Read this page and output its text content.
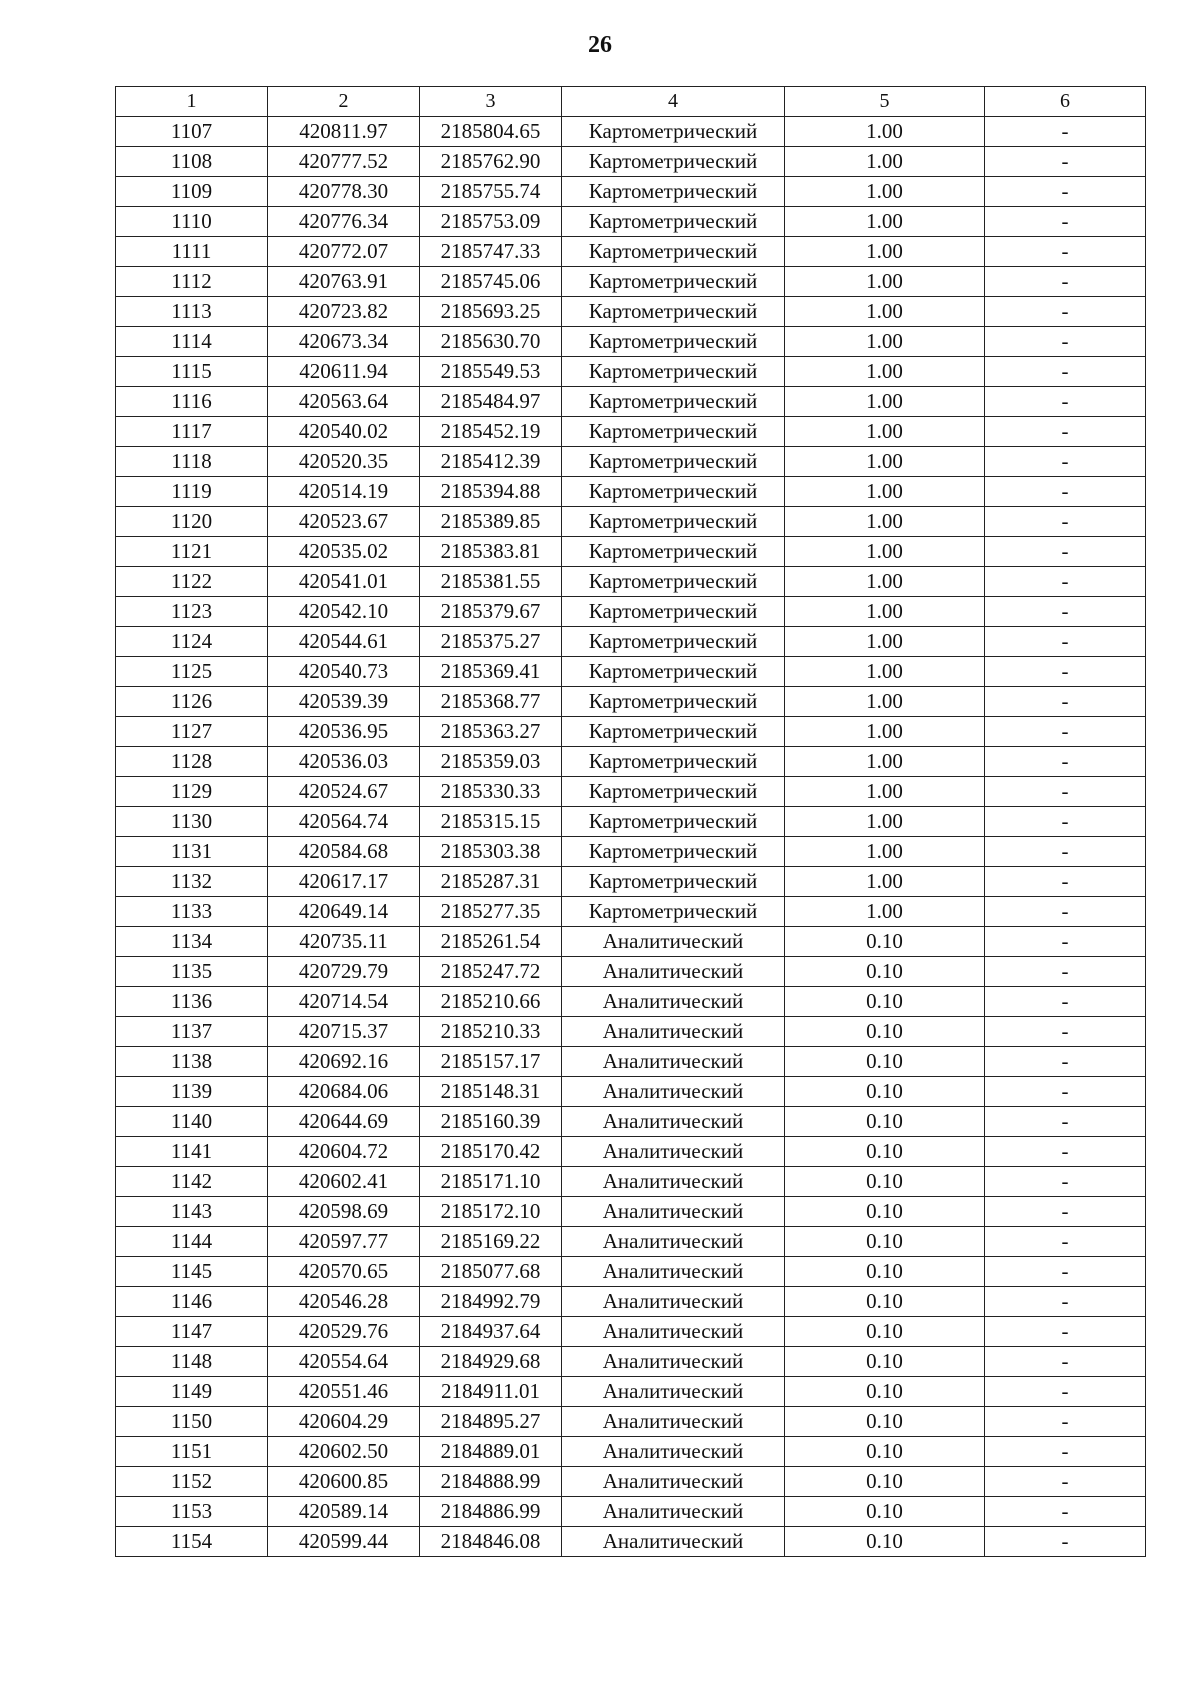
26
1	2	3	4	5	6
1107	420811.97	2185804.65	Картометрический	1.00	-
1108	420777.52	2185762.90	Картометрический	1.00	-
1109	420778.30	2185755.74	Картометрический	1.00	-
1110	420776.34	2185753.09	Картометрический	1.00	-
1111	420772.07	2185747.33	Картометрический	1.00	-
1112	420763.91	2185745.06	Картометрический	1.00	-
1113	420723.82	2185693.25	Картометрический	1.00	-
1114	420673.34	2185630.70	Картометрический	1.00	-
1115	420611.94	2185549.53	Картометрический	1.00	-
1116	420563.64	2185484.97	Картометрический	1.00	-
1117	420540.02	2185452.19	Картометрический	1.00	-
1118	420520.35	2185412.39	Картометрический	1.00	-
1119	420514.19	2185394.88	Картометрический	1.00	-
1120	420523.67	2185389.85	Картометрический	1.00	-
1121	420535.02	2185383.81	Картометрический	1.00	-
1122	420541.01	2185381.55	Картометрический	1.00	-
1123	420542.10	2185379.67	Картометрический	1.00	-
1124	420544.61	2185375.27	Картометрический	1.00	-
1125	420540.73	2185369.41	Картометрический	1.00	-
1126	420539.39	2185368.77	Картометрический	1.00	-
1127	420536.95	2185363.27	Картометрический	1.00	-
1128	420536.03	2185359.03	Картометрический	1.00	-
1129	420524.67	2185330.33	Картометрический	1.00	-
1130	420564.74	2185315.15	Картометрический	1.00	-
1131	420584.68	2185303.38	Картометрический	1.00	-
1132	420617.17	2185287.31	Картометрический	1.00	-
1133	420649.14	2185277.35	Картометрический	1.00	-
1134	420735.11	2185261.54	Аналитический	0.10	-
1135	420729.79	2185247.72	Аналитический	0.10	-
1136	420714.54	2185210.66	Аналитический	0.10	-
1137	420715.37	2185210.33	Аналитический	0.10	-
1138	420692.16	2185157.17	Аналитический	0.10	-
1139	420684.06	2185148.31	Аналитический	0.10	-
1140	420644.69	2185160.39	Аналитический	0.10	-
1141	420604.72	2185170.42	Аналитический	0.10	-
1142	420602.41	2185171.10	Аналитический	0.10	-
1143	420598.69	2185172.10	Аналитический	0.10	-
1144	420597.77	2185169.22	Аналитический	0.10	-
1145	420570.65	2185077.68	Аналитический	0.10	-
1146	420546.28	2184992.79	Аналитический	0.10	-
1147	420529.76	2184937.64	Аналитический	0.10	-
1148	420554.64	2184929.68	Аналитический	0.10	-
1149	420551.46	2184911.01	Аналитический	0.10	-
1150	420604.29	2184895.27	Аналитический	0.10	-
1151	420602.50	2184889.01	Аналитический	0.10	-
1152	420600.85	2184888.99	Аналитический	0.10	-
1153	420589.14	2184886.99	Аналитический	0.10	-
1154	420599.44	2184846.08	Аналитический	0.10	-
